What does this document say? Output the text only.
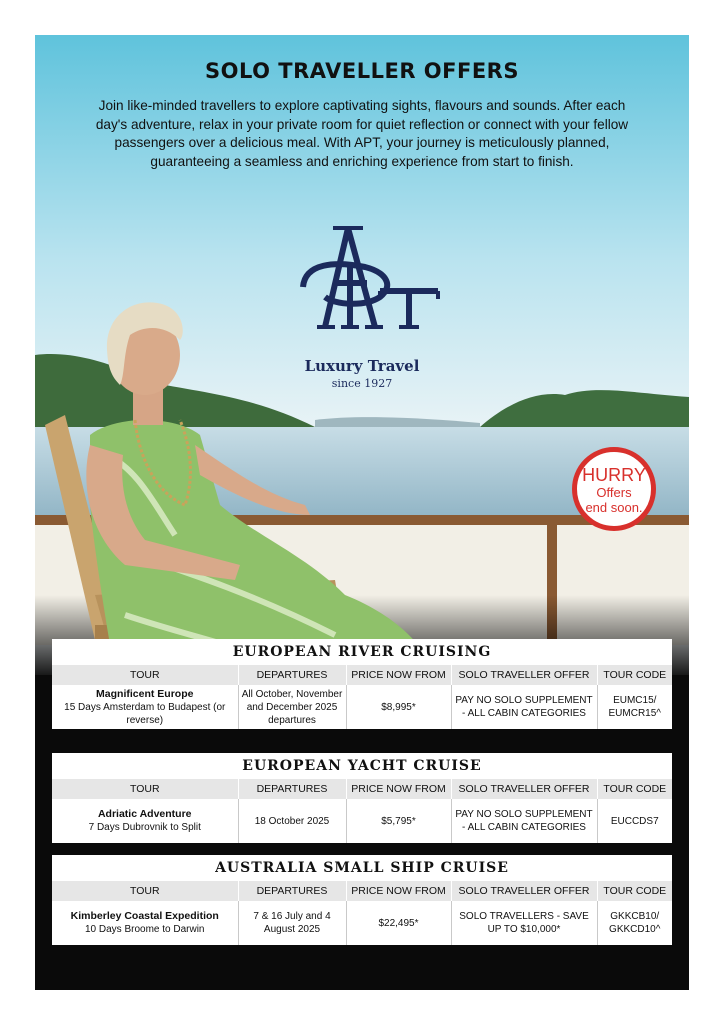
SOLO TRAVELLER OFFERS

Join like-minded travellers to explore captivating sights, flavours and sounds. After each day's adventure, relax in your private room for quiet reflection or connect with your fellow passengers over a delicious meal. With APT, your journey is meticulously planned, guaranteeing a seamless and enriching experience from start to finish.

Luxury Travel
since 1927
HURRY
Offers
end soon.
EUROPEAN RIVER CRUISING
TOUR	DEPARTURES	PRICE NOW FROM	SOLO TRAVELLER OFFER	TOUR CODE

Magnificent Europe
15 Days Amsterdam to Budapest (or reverse)	All October, November and December 2025 departures	$8,995*	PAY NO SOLO SUPPLEMENT - ALL CABIN CATEGORIES	EUMC15/ EUMCR15^
EUROPEAN YACHT CRUISE
TOUR	DEPARTURES	PRICE NOW FROM	SOLO TRAVELLER OFFER	TOUR CODE

Adriatic Adventure
7 Days Dubrovnik to Split	18 October 2025	$5,795*	PAY NO SOLO SUPPLEMENT - ALL CABIN CATEGORIES	EUCCDS7
AUSTRALIA SMALL SHIP CRUISE
TOUR	DEPARTURES	PRICE NOW FROM	SOLO TRAVELLER OFFER	TOUR CODE

Kimberley Coastal Expedition
10 Days Broome to Darwin	7 & 16 July and 4 August 2025	$22,495*	SOLO TRAVELLERS - SAVE UP TO $10,000*	GKKCB10/ GKKCD10^
